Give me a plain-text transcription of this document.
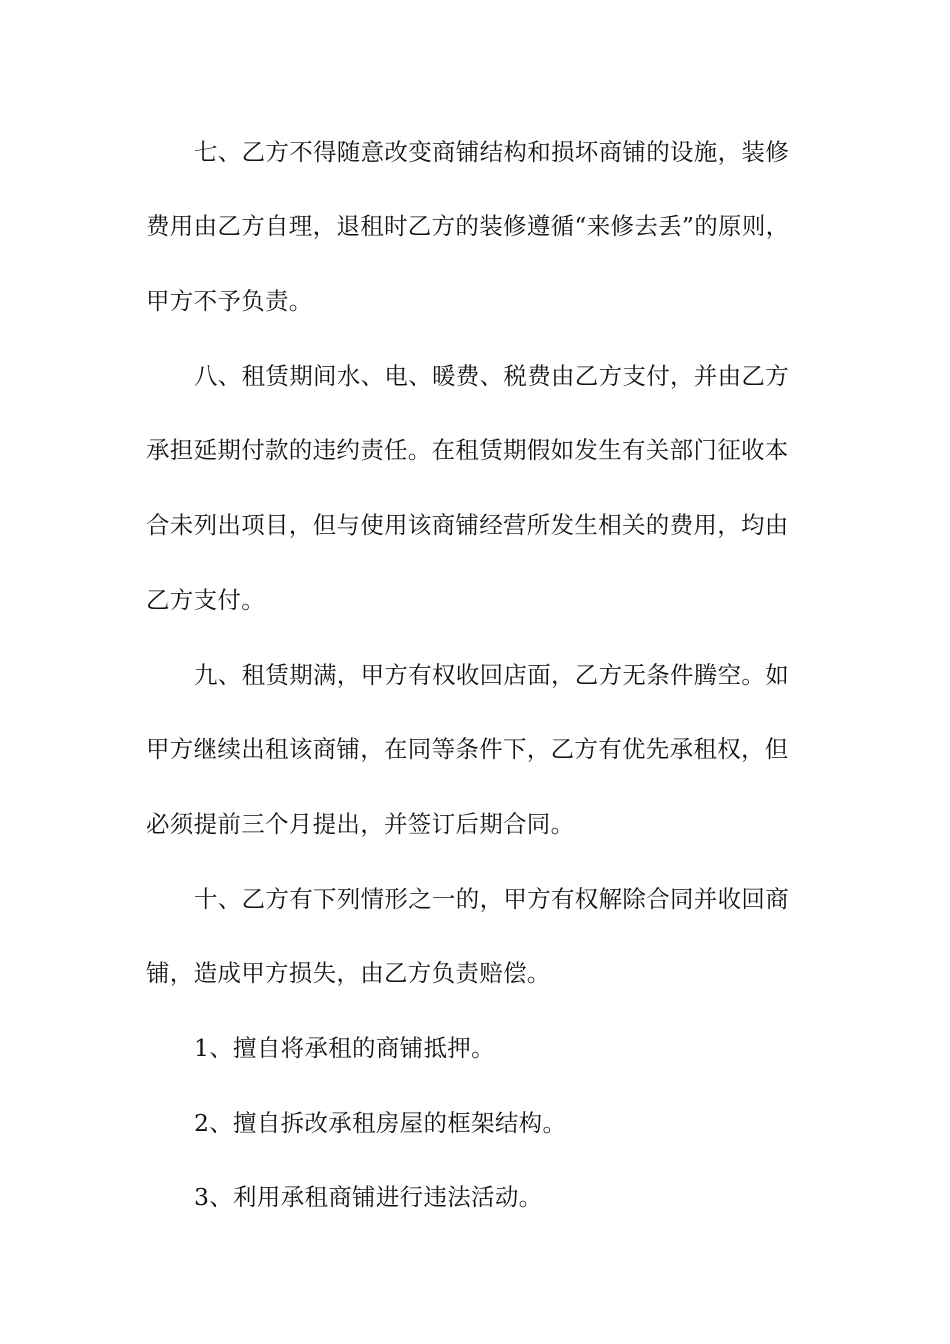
七、乙方不得随意改变商铺结构和损坏商铺的设施，装修
费用由乙方自理，退租时乙方的装修遵循“来修去丢”的原则，
甲方不予负责。
八、租赁期间水、电、暖费、税费由乙方支付，并由乙方
承担延期付款的违约责任。在租赁期假如发生有关部门征收本
合未列出项目，但与使用该商铺经营所发生相关的费用，均由
乙方支付。
九、租赁期满，甲方有权收回店面，乙方无条件腾空。如
甲方继续出租该商铺，在同等条件下，乙方有优先承租权，但
必须提前三个月提出，并签订后期合同。
十、乙方有下列情形之一的，甲方有权解除合同并收回商
铺，造成甲方损失，由乙方负责赔偿。
1、擅自将承租的商铺抵押。
2、擅自拆改承租房屋的框架结构。
3、利用承租商铺进行违法活动。
